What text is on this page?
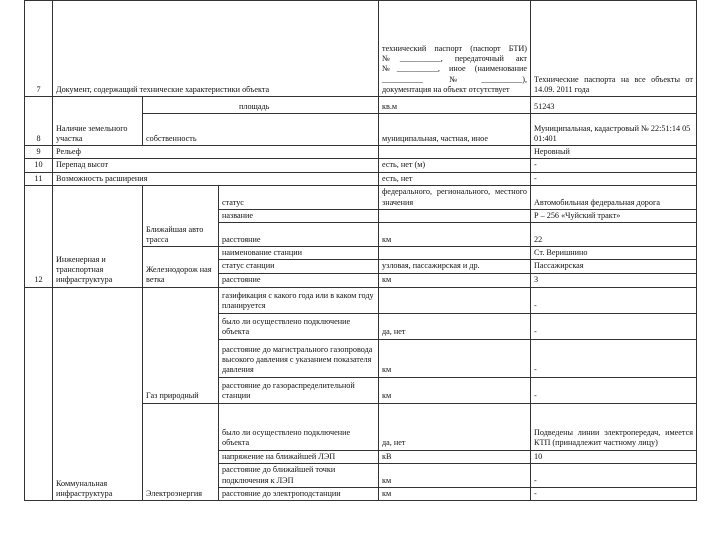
7	Документ, содержащий технические характеристики объекта			технический паспорт (паспорт БТИ) №__________, передаточный акт №__________, иное (наименование __________ №__________), документация на объект отсутствует	Технические паспорта на все объекты от 14.09. 2011 года
8	Наличие земельного участка	площадь		кв.м	51243
		собственность		муниципальная, частная, иное	Муниципальная, кадастровый № 22:51:14 05 01:401
9	Рельеф				Неровный
10	Перепад высот			есть, нет (м)	-
11	Возможность расширения			есть, нет	-
12	Инженерная и транспортная инфраструктура	Ближайшая авто трасса	статус	федерального, регионального, местного значения	Автомобильная федеральная дорога
			название		Р – 256 «Чуйский тракт»
			расстояние	км	22
		Железнодорож ная ветка	наименование станции		Ст. Веришнино
			статус станции	узловая, пассажирская и др.	Пассажирская
			расстояние	км	3
	Коммунальная инфраструктура	Газ природный	газификация с какого года или в каком году планируется		-
			было ли осуществлено подключение объекта	да, нет	-
			расстояние до магистрального газопровода высокого давления с указанием показателя давления	км	-
			расстояние до газораспределительной станции	км	-
		Электроэнергия	было ли осуществлено подключение объекта	да, нет	Подведены линии электропередач, имеется КТП (принадлежит частному лицу)
			напряжение на ближайшей ЛЭП	кВ	10
			расстояние до ближайшей точки подключения к ЛЭП	км	-
			расстояние до электроподстанции	км	-
